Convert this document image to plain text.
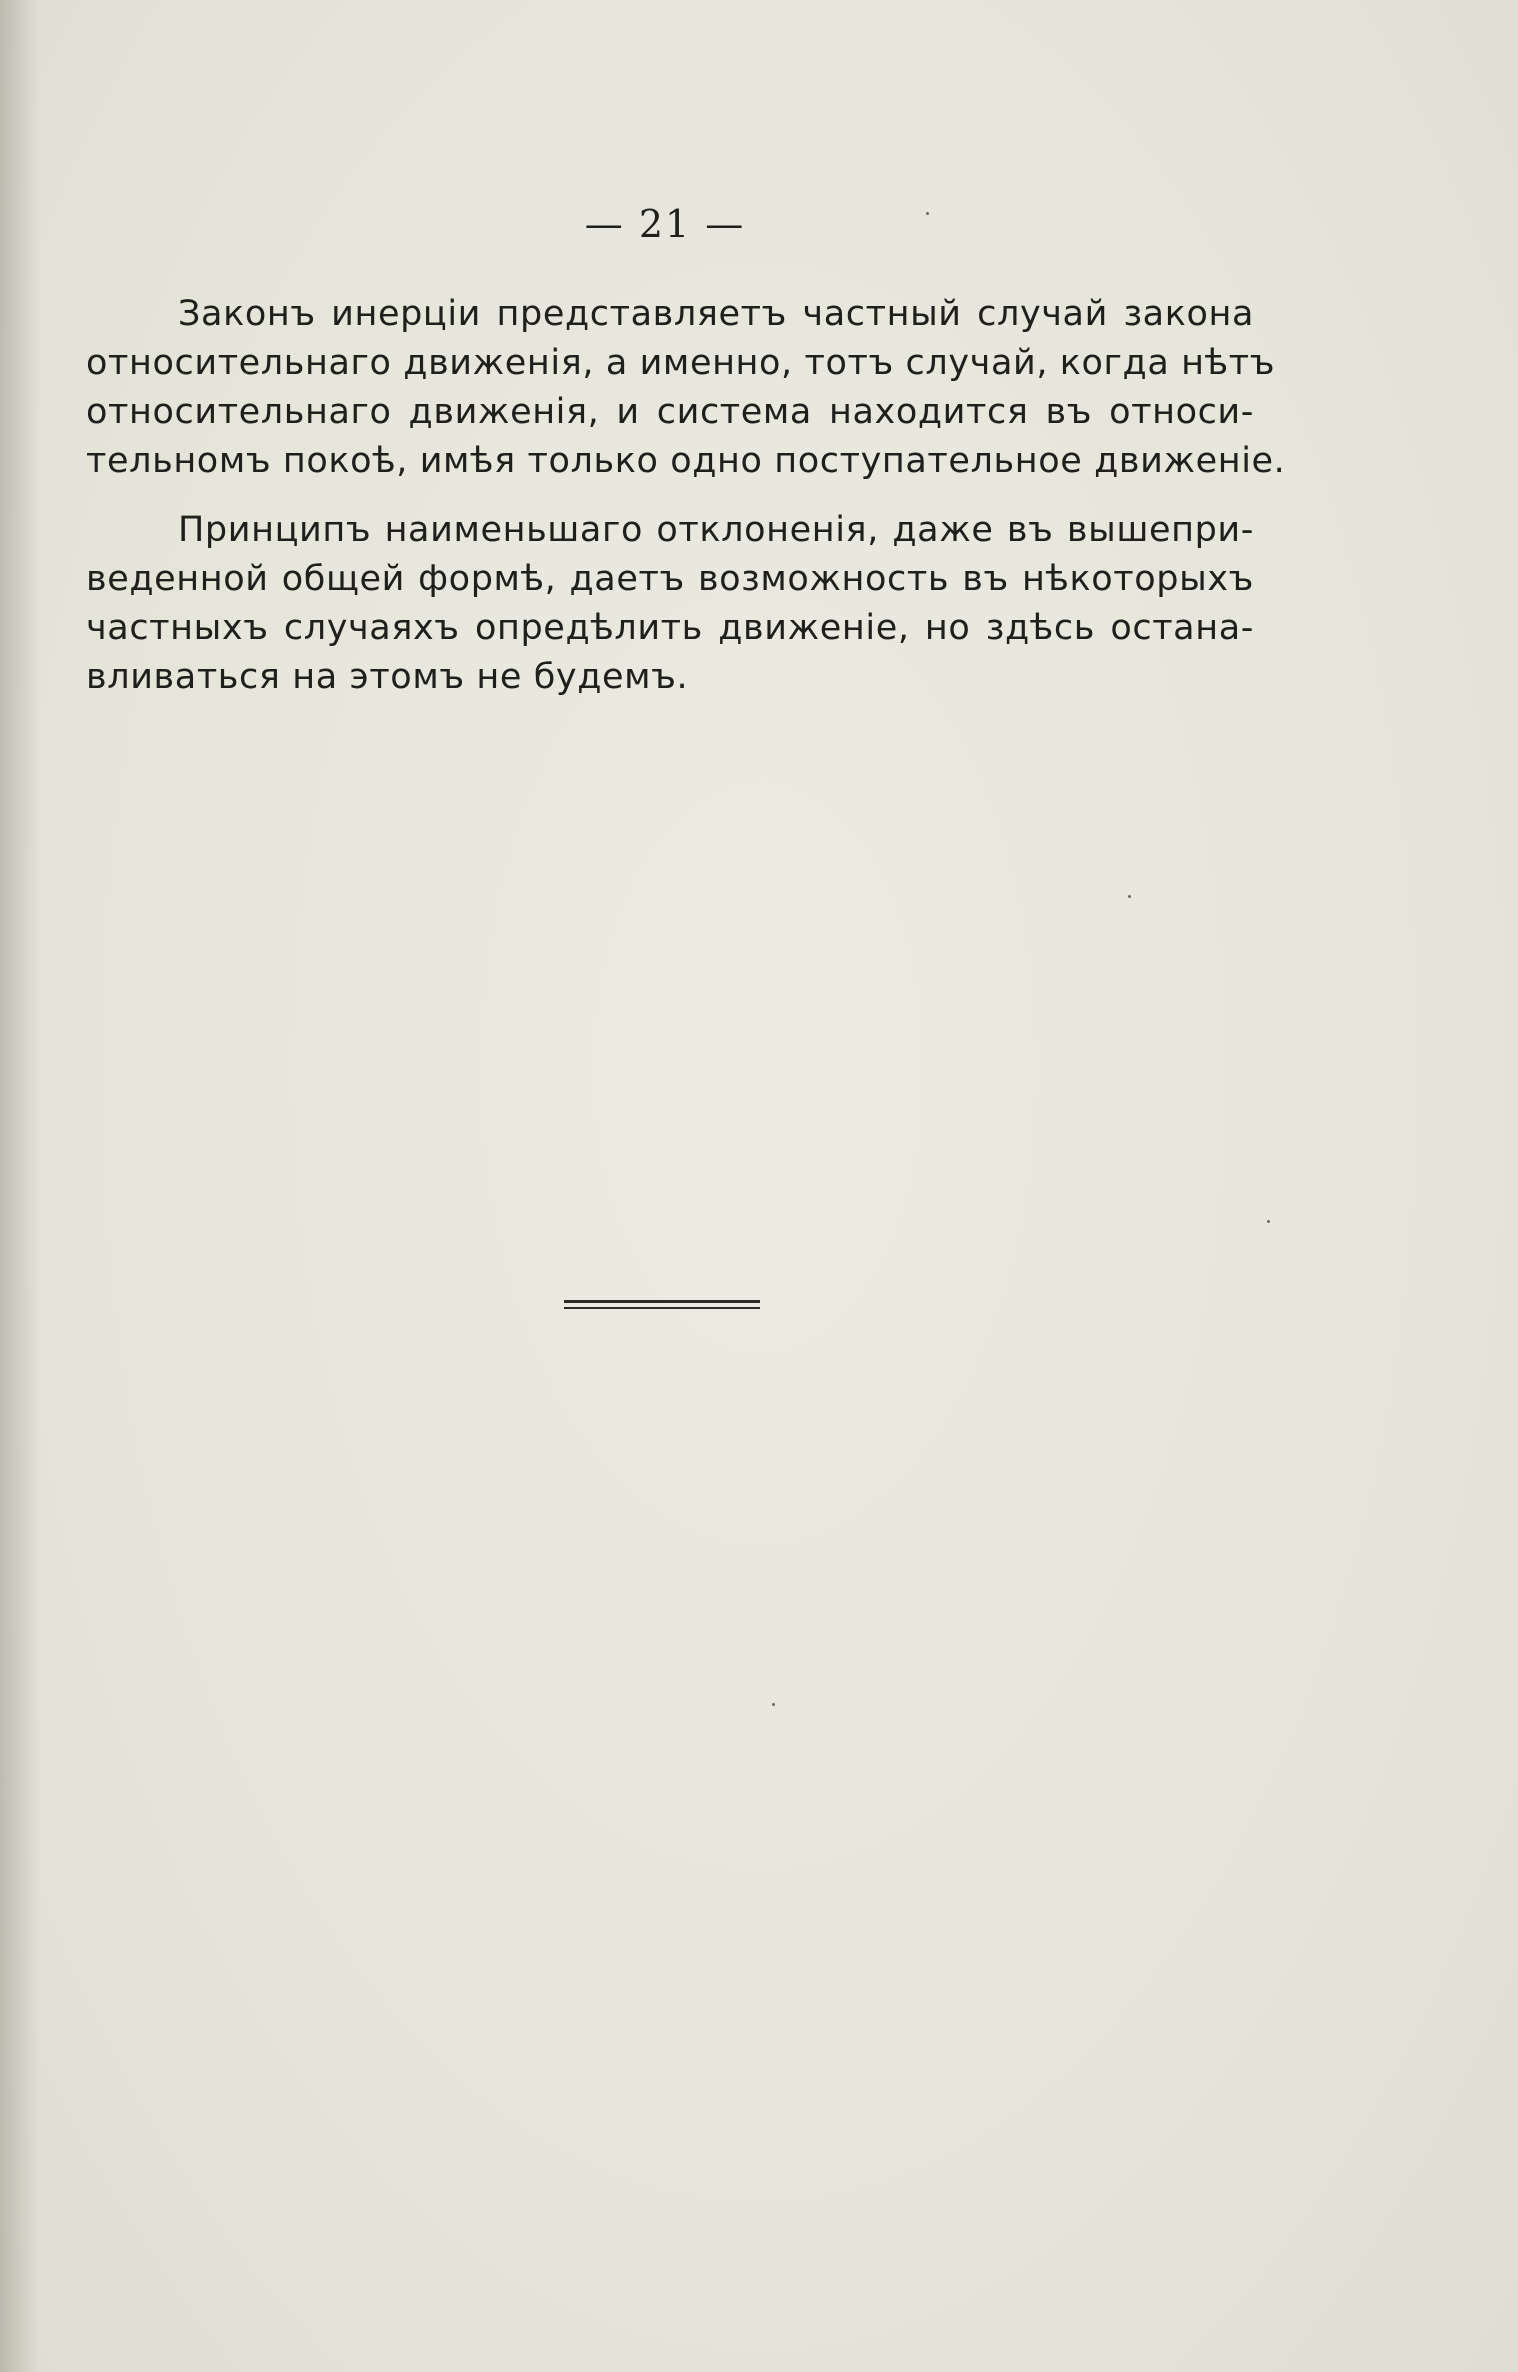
— 21 —
Законъ инерціи представляетъ частный случай закона
относительнаго движенія, а именно, тотъ случай, когда нѣтъ
относительнаго движенія, и система находится въ относи-
тельномъ покоѣ, имѣя только одно поступательное движеніе.
Принципъ наименьшаго отклоненія, даже въ вышепри-
веденной общей формѣ, даетъ возможность въ нѣкоторыхъ
частныхъ случаяхъ опредѣлить движеніе, но здѣсь остана-
вливаться на этомъ не будемъ.
